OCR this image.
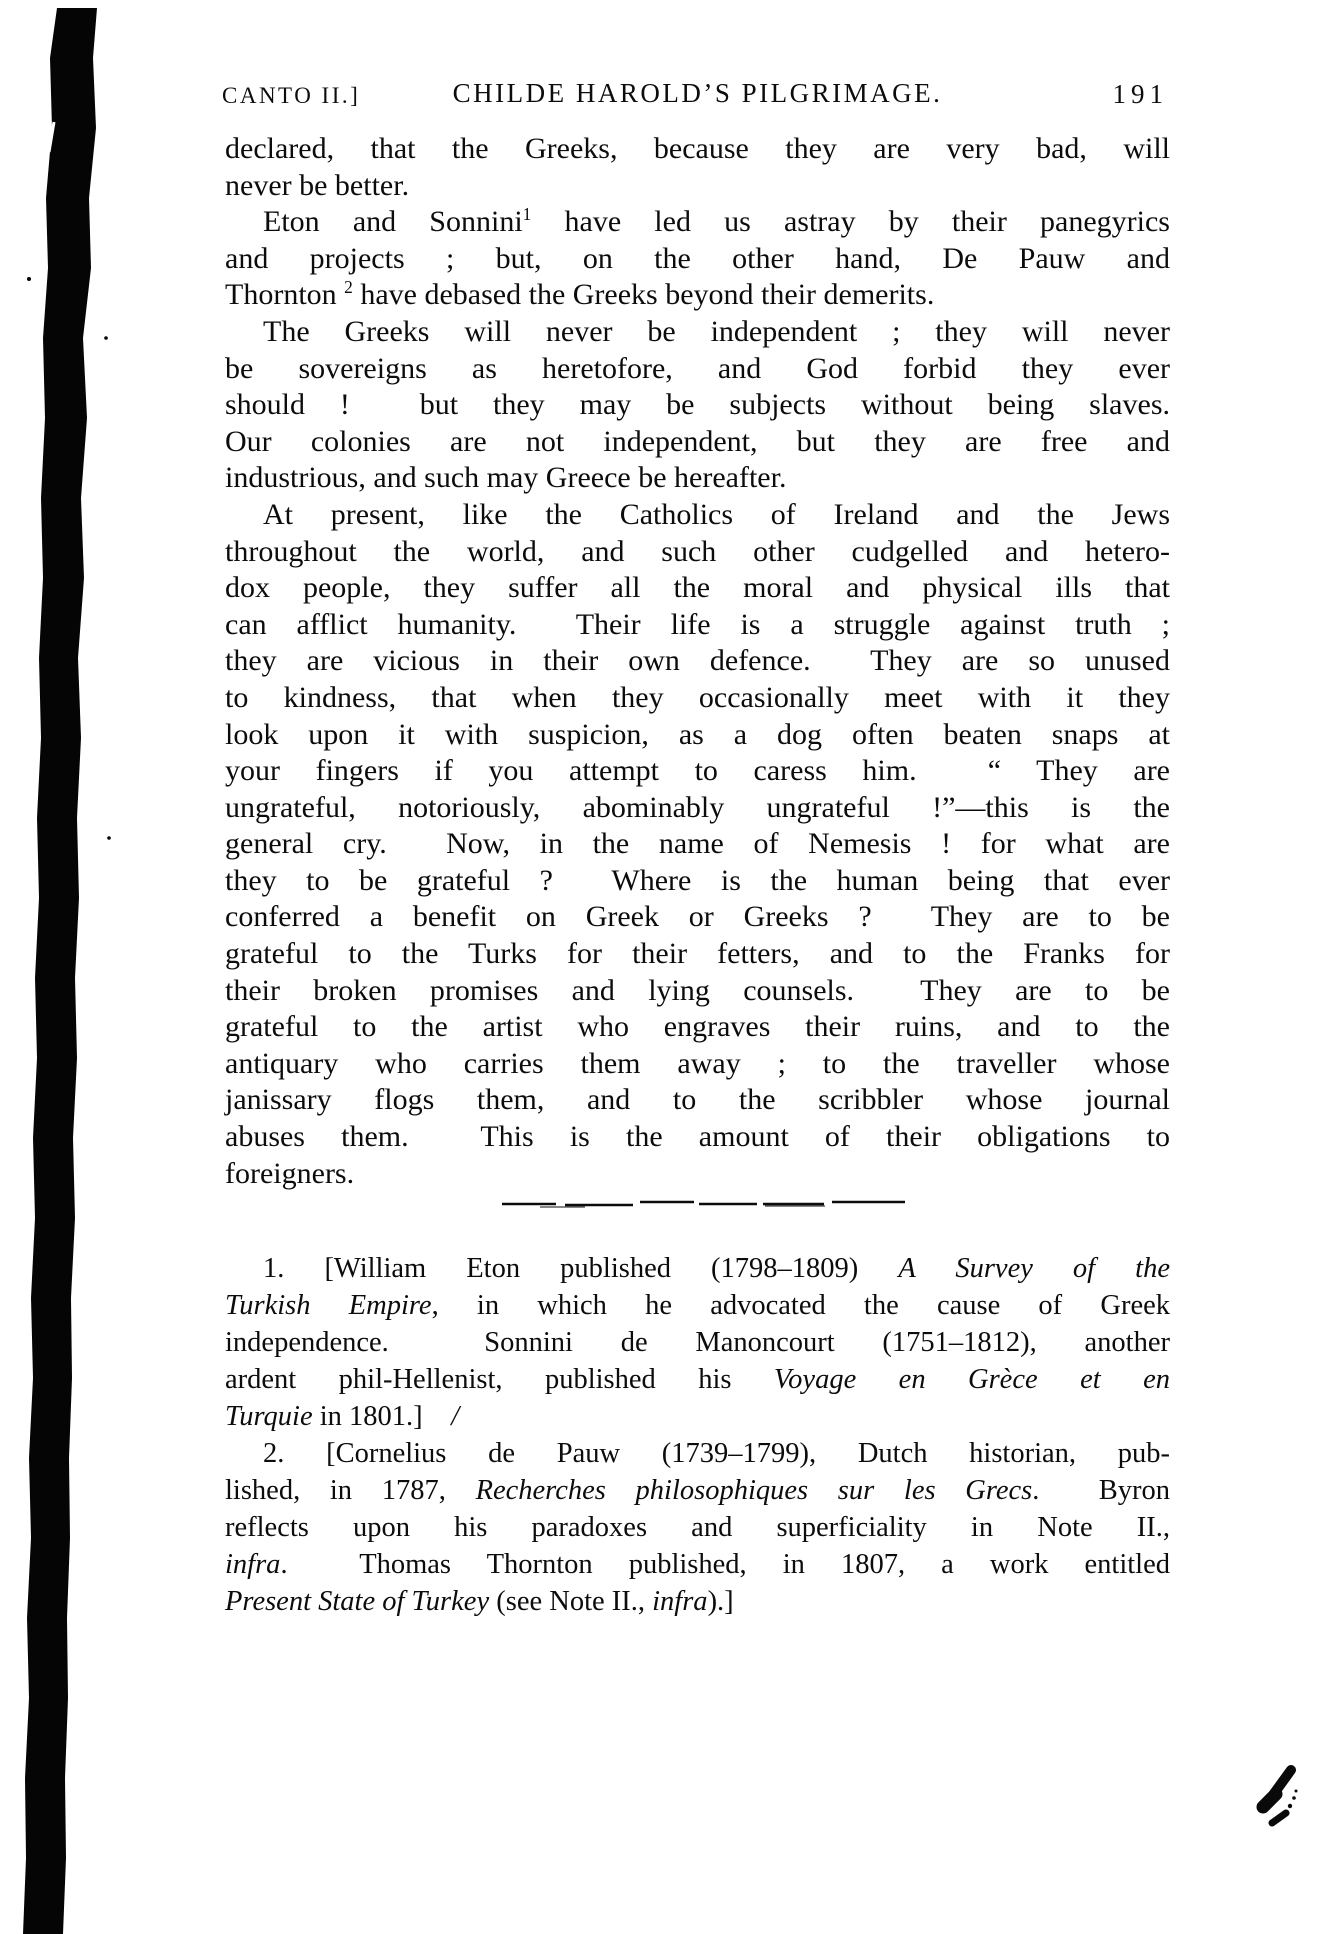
CHILDE HAROLD’S PILGRIMAGE.
CANTO II.]	191
declared, that the Greeks, because they are very bad, will
never be better.
Eton and Sonnini$^1$ have led us astray by their panegyrics
and projects ; but, on the other hand, De Pauw and
Thornton $^2$ have debased the Greeks beyond their demerits.
The Greeks will never be independent ; they will never
be sovereigns as heretofore, and God forbid they ever
should !  but they may be subjects without being slaves.
Our colonies are not independent, but they are free and
industrious, and such may Greece be hereafter.
At present, like the Catholics of Ireland and the Jews
throughout the world, and such other cudgelled and hetero-
dox people, they suffer all the moral and physical ills that
can afflict humanity.  Their life is a struggle against truth ;
they are vicious in their own defence.  They are so unused
to kindness, that when they occasionally meet with it they
look upon it with suspicion, as a dog often beaten snaps at
your fingers if you attempt to caress him.  “ They are
ungrateful, notoriously, abominably ungrateful !”—this is the
general cry.  Now, in the name of Nemesis ! for what are
they to be grateful ?  Where is the human being that ever
conferred a benefit on Greek or Greeks ?  They are to be
grateful to the Turks for their fetters, and to the Franks for
their broken promises and lying counsels.  They are to be
grateful to the artist who engraves their ruins, and to the
antiquary who carries them away ; to the traveller whose
janissary flogs them, and to the scribbler whose journal
abuses them.  This is the amount of their obligations to
foreigners.
1. [William Eton published (1798–1809) A Survey of the
Turkish Empire, in which he advocated the cause of Greek
independence.  Sonnini de Manoncourt (1751–1812), another
ardent phil-Hellenist, published his Voyage en Grèce et en
Turquie in 1801.] /
2. [Cornelius de Pauw (1739–1799), Dutch historian, pub-
lished, in 1787, Recherches philosophiques sur les Grecs.  Byron
reflects upon his paradoxes and superficiality in Note II.,
infra.  Thomas Thornton published, in 1807, a work entitled
Present State of Turkey (see Note II., infra).]
